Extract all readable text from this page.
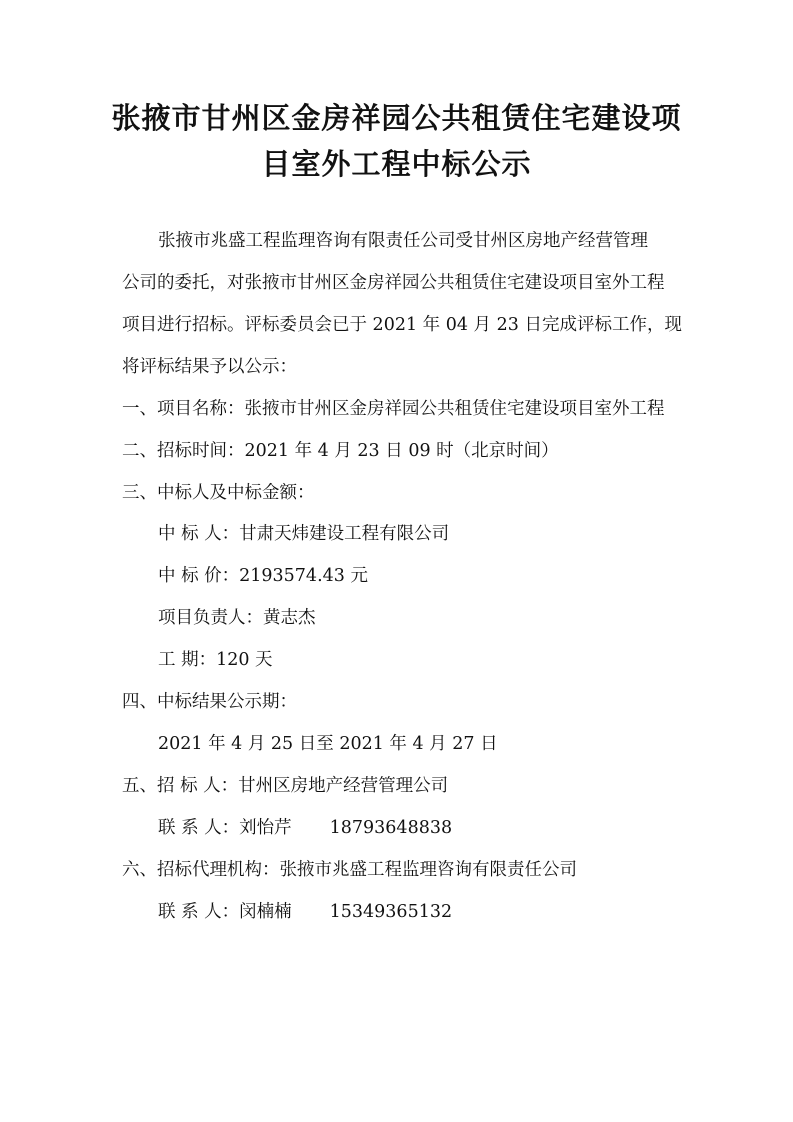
张掖市甘州区金房祥园公共租赁住宅建设项
目室外工程中标公示
张掖市兆盛工程监理咨询有限责任公司受甘州区房地产经营管理
公司的委托，对张掖市甘州区金房祥园公共租赁住宅建设项目室外工程
项目进行招标。评标委员会已于 2021 年 04 月 23 日完成评标工作，现
将评标结果予以公示：
一、项目名称：张掖市甘州区金房祥园公共租赁住宅建设项目室外工程
二、招标时间：2021 年 4 月 23 日 09 时（北京时间）
三、中标人及中标金额：
中 标 人：甘肃天炜建设工程有限公司
中 标 价：2193574.43 元
项目负责人：黄志杰
工 期：120 天
四、中标结果公示期：
2021 年 4 月 25 日至 2021 年 4 月 27 日
五、招 标 人：甘州区房地产经营管理公司
联 系 人：刘怡芹 18793648838
六、招标代理机构：张掖市兆盛工程监理咨询有限责任公司
联 系 人：闵楠楠 15349365132
